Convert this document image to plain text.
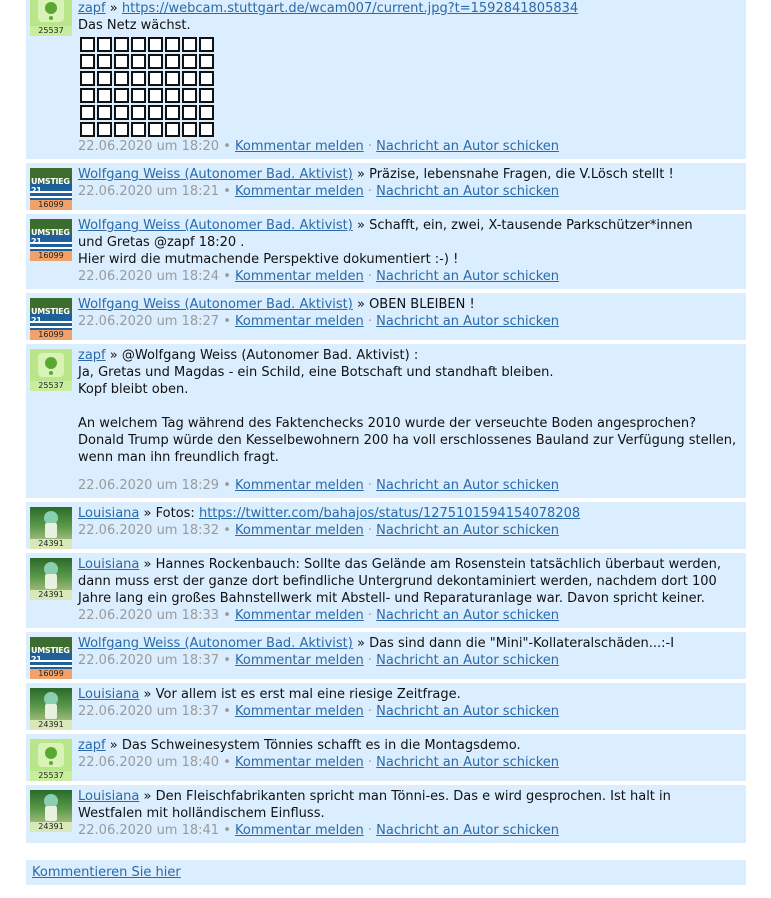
25537
zapf » https://webcam.stuttgart.de/wcam007/current.jpg?t=1592841805834
Das Netz wächst.
22.06.2020 um 18:20 • Kommentar melden · Nachricht an Autor schicken
UMSTIEG 21
16099
Wolfgang Weiss (Autonomer Bad. Aktivist) » Präzise, lebensnahe Fragen, die V.Lösch stellt !
22.06.2020 um 18:21 • Kommentar melden · Nachricht an Autor schicken
UMSTIEG 21
16099
Wolfgang Weiss (Autonomer Bad. Aktivist) » Schafft, ein, zwei, X-tausende Parkschützer*innen
und Gretas @zapf 18:20 .
Hier wird die mutmachende Perspektive dokumentiert :-) !
22.06.2020 um 18:24 • Kommentar melden · Nachricht an Autor schicken
UMSTIEG 21
16099
Wolfgang Weiss (Autonomer Bad. Aktivist) » OBEN BLEIBEN !
22.06.2020 um 18:27 • Kommentar melden · Nachricht an Autor schicken
25537
zapf » @Wolfgang Weiss (Autonomer Bad. Aktivist) :
Ja, Gretas und Magdas - ein Schild, eine Botschaft und standhaft bleiben.
Kopf bleibt oben.
An welchem Tag während des Faktenchecks 2010 wurde der verseuchte Boden angesprochen?
Donald Trump würde den Kesselbewohnern 200 ha voll erschlossenes Bauland zur Verfügung stellen,
wenn man ihn freundlich fragt.
22.06.2020 um 18:29 • Kommentar melden · Nachricht an Autor schicken
24391
Louisiana » Fotos: https://twitter.com/bahajos/status/1275101594154078208
22.06.2020 um 18:32 • Kommentar melden · Nachricht an Autor schicken
24391
Louisiana » Hannes Rockenbauch: Sollte das Gelände am Rosenstein tatsächlich überbaut werden,
dann muss erst der ganze dort befindliche Untergrund dekontaminiert werden, nachdem dort 100
Jahre lang ein großes Bahnstellwerk mit Abstell- und Reparaturanlage war. Davon spricht keiner.
22.06.2020 um 18:33 • Kommentar melden · Nachricht an Autor schicken
UMSTIEG 21
16099
Wolfgang Weiss (Autonomer Bad. Aktivist) » Das sind dann die "Mini"-Kollateralschäden...:-I
22.06.2020 um 18:37 • Kommentar melden · Nachricht an Autor schicken
24391
Louisiana » Vor allem ist es erst mal eine riesige Zeitfrage.
22.06.2020 um 18:37 • Kommentar melden · Nachricht an Autor schicken
25537
zapf » Das Schweinesystem Tönnies schafft es in die Montagsdemo.
22.06.2020 um 18:40 • Kommentar melden · Nachricht an Autor schicken
24391
Louisiana » Den Fleischfabrikanten spricht man Tönni-es. Das e wird gesprochen. Ist halt in
Westfalen mit holländischem Einfluss.
22.06.2020 um 18:41 • Kommentar melden · Nachricht an Autor schicken
Kommentieren Sie hier
